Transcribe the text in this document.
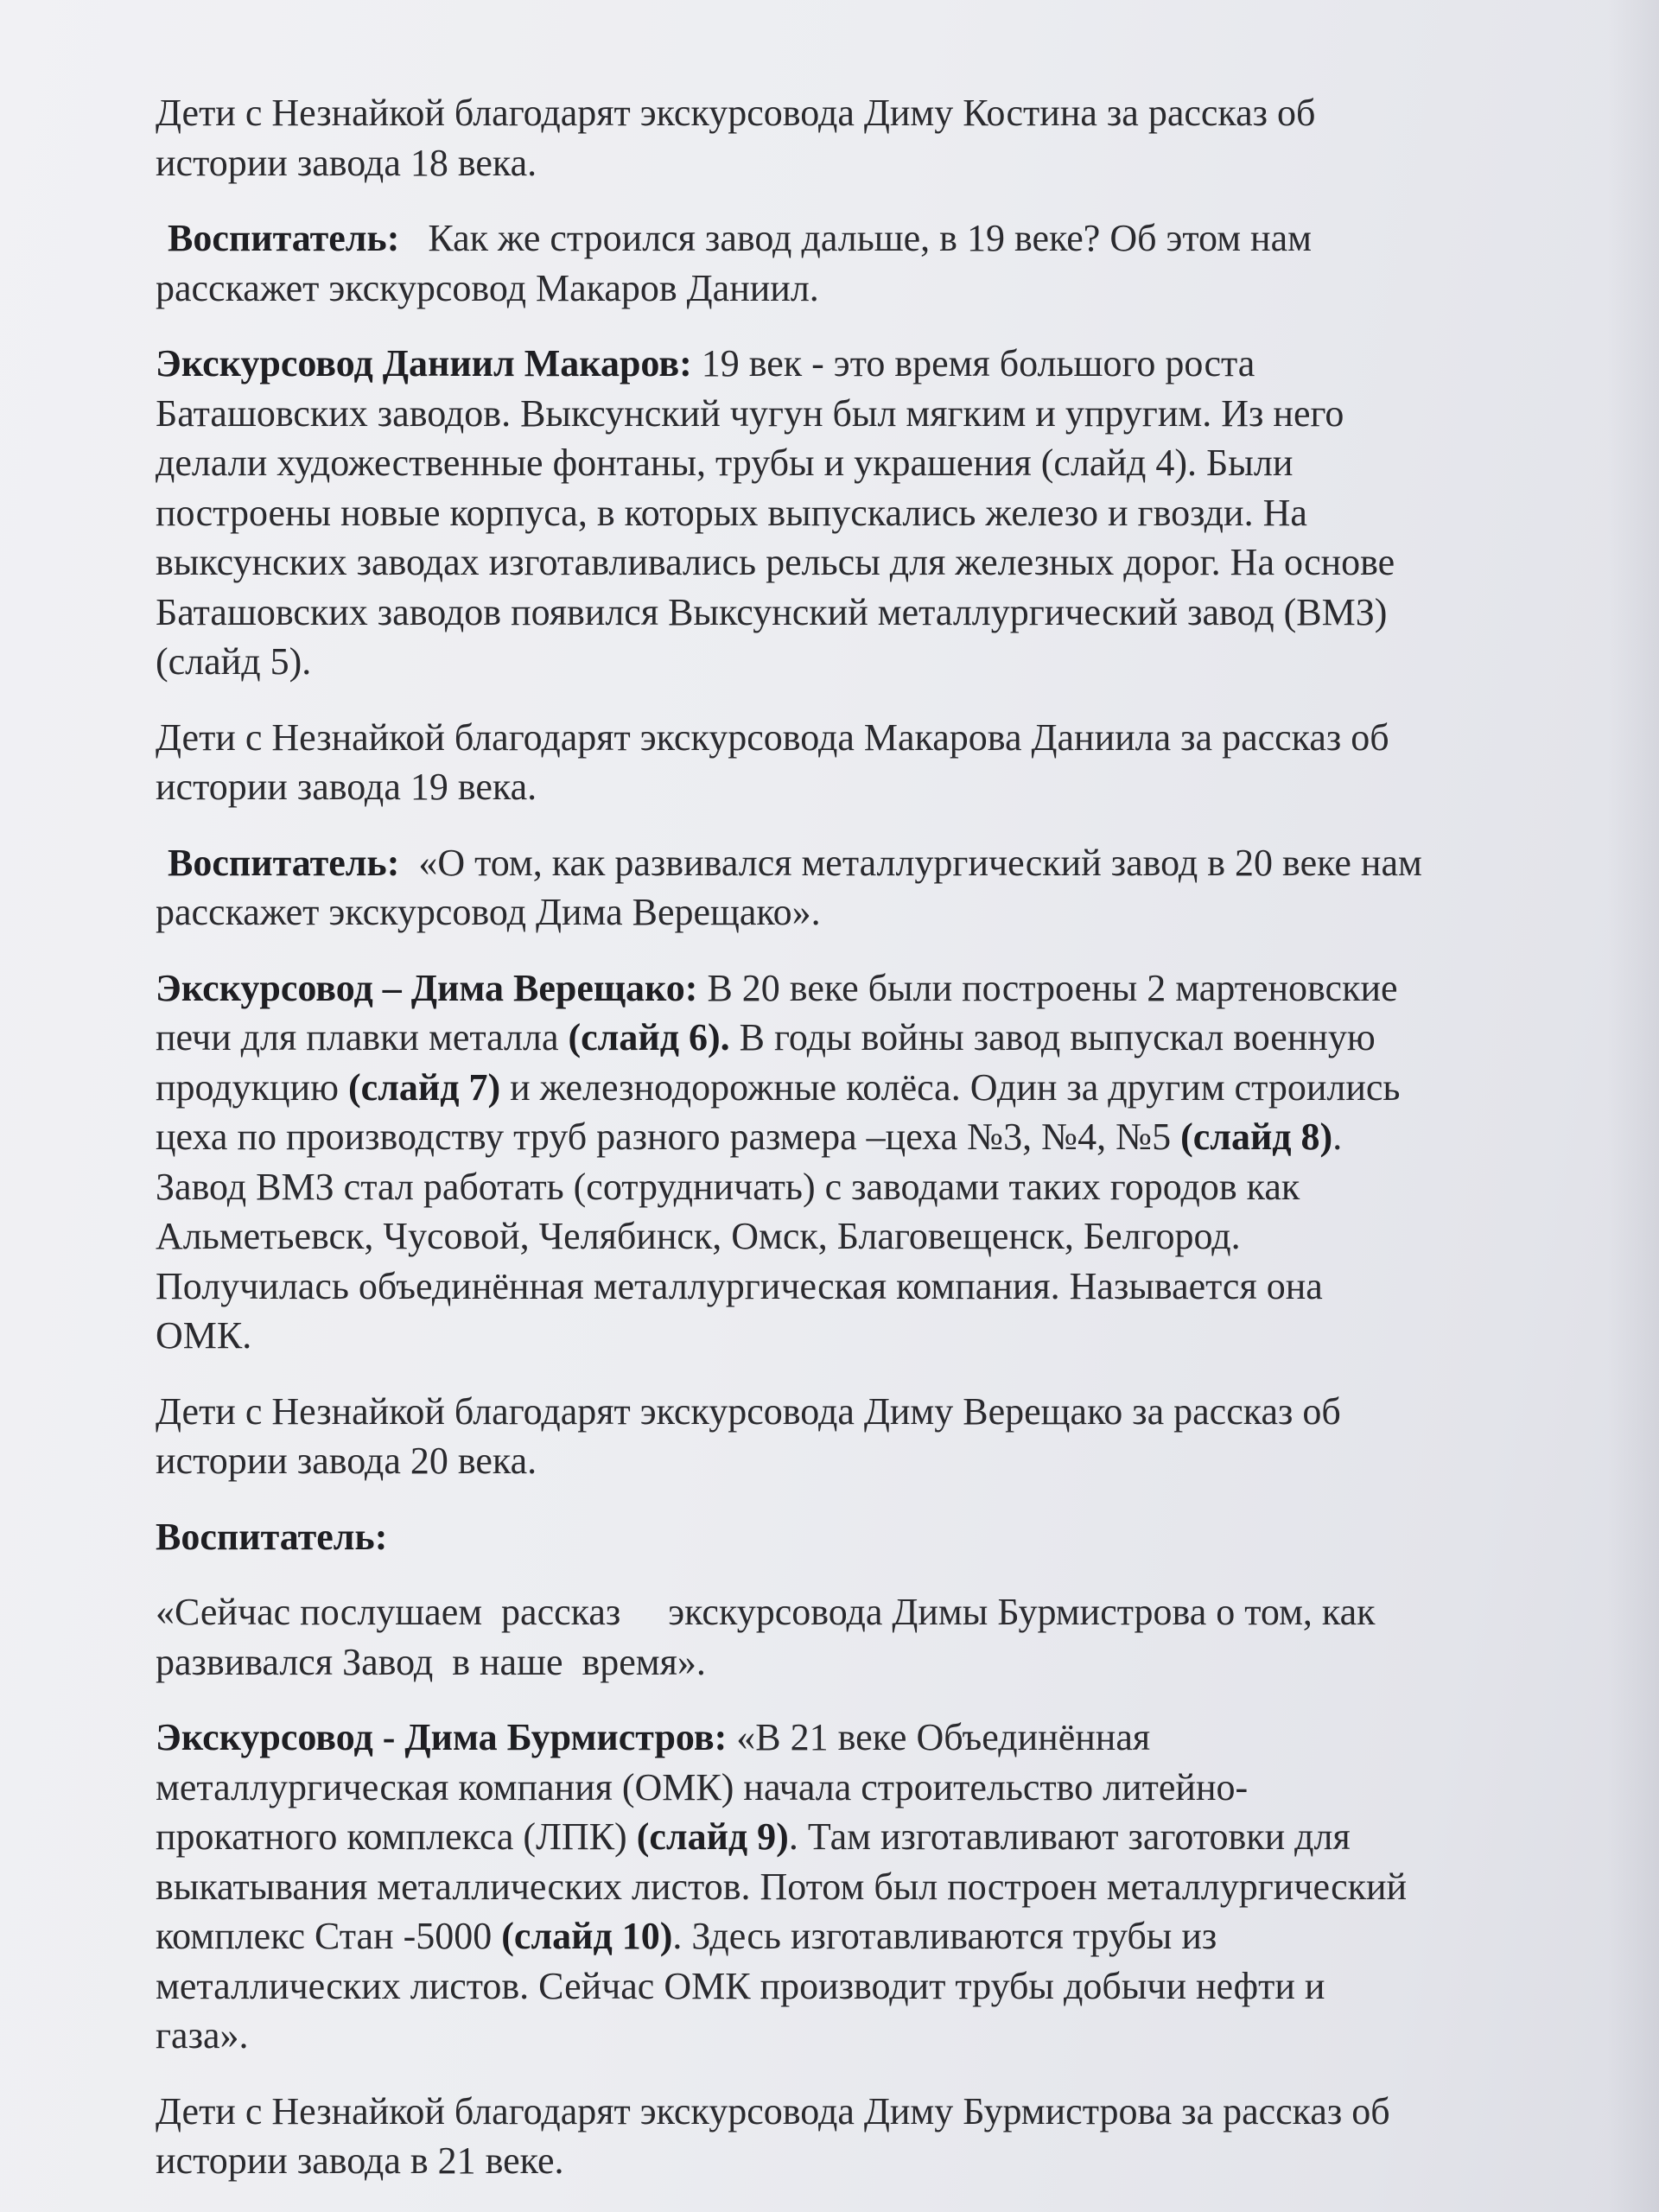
Дети с Незнайкой благодарят экскурсовода Диму Костина за рассказ об
истории завода 18 века.

Воспитатель:   Как же строился завод дальше, в 19 веке? Об этом нам
расскажет экскурсовод Макаров Даниил.

Экскурсовод Даниил Макаров: 19 век - это время большого роста
Баташовских заводов. Выксунский чугун был мягким и упругим. Из него
делали художественные фонтаны, трубы и украшения (слайд 4). Были
построены новые корпуса, в которых выпускались железо и гвозди. На
выксунских заводах изготавливались рельсы для железных дорог. На основе
Баташовских заводов появился Выксунский металлургический завод (ВМЗ)
(слайд 5).

Дети с Незнайкой благодарят экскурсовода Макарова Даниила за рассказ об
истории завода 19 века.

Воспитатель:  «О том, как развивался металлургический завод в 20 веке нам
расскажет экскурсовод Дима Верещако».

Экскурсовод – Дима Верещако: В 20 веке были построены 2 мартеновские
печи для плавки металла (слайд 6). В годы войны завод выпускал военную
продукцию (слайд 7) и железнодорожные колёса. Один за другим строились
цеха по производству труб разного размера –цеха №3, №4, №5 (слайд 8).
Завод ВМЗ стал работать (сотрудничать) с заводами таких городов как
Альметьевск, Чусовой, Челябинск, Омск, Благовещенск, Белгород.
Получилась объединённая металлургическая компания. Называется она
ОМК.

Дети с Незнайкой благодарят экскурсовода Диму Верещако за рассказ об
истории завода 20 века.

Воспитатель:

«Сейчас послушаем  рассказ     экскурсовода Димы Бурмистрова о том, как
развивался Завод  в наше  время».

Экскурсовод - Дима Бурмистров: «В 21 веке Объединённая
металлургическая компания (ОМК) начала строительство литейно-
прокатного комплекса (ЛПК) (слайд 9). Там изготавливают заготовки для
выкатывания металлических листов. Потом был построен металлургический
комплекс Стан -5000 (слайд 10). Здесь изготавливаются трубы из
металлических листов. Сейчас ОМК производит трубы добычи нефти и
газа».

Дети с Незнайкой благодарят экскурсовода Диму Бурмистрова за рассказ об
истории завода в 21 веке.
